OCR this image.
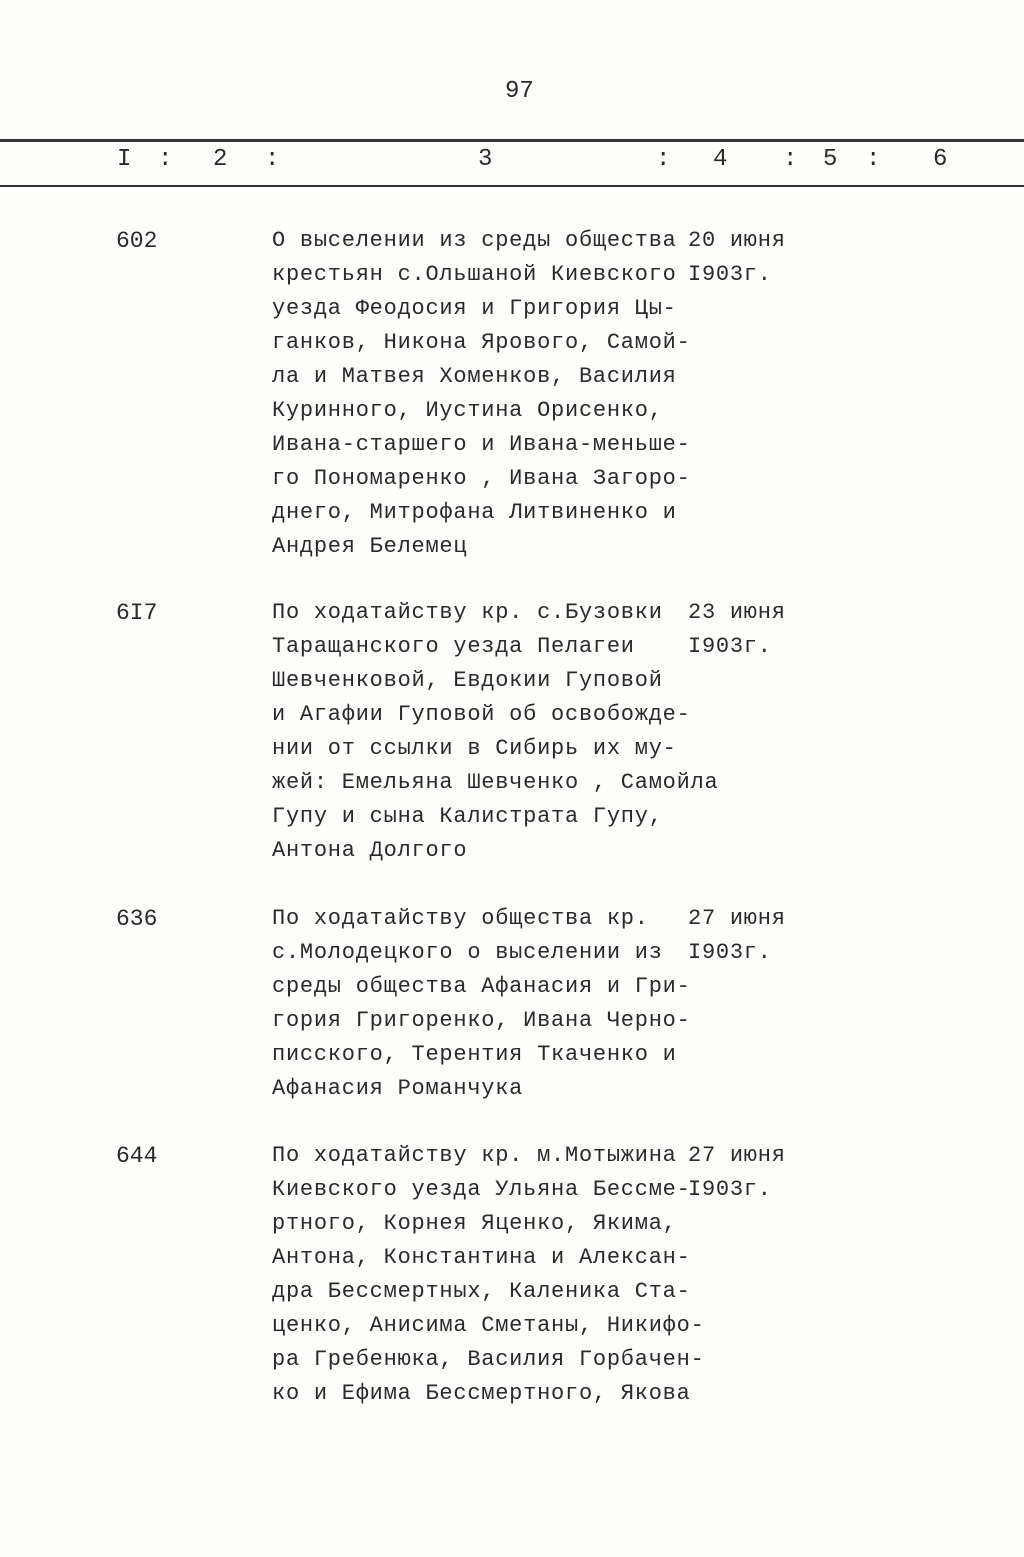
97
I : 2 :	3	: 4 : 5 : 6
602	О выселении из среды общества
крестьян с.Ольшаной Киевского
уезда Феодосия и Григория Цы-
ганков, Никона Ярового, Самой-
ла и Матвея Хоменков, Василия
Куринного, Иустина Орисенко,
Ивана-старшего и Ивана-меньше-
го Пономаренко , Ивана Загоро-
днего, Митрофана Литвиненко и
Андрея Белемец
20 июня
I903г.
6I7	По ходатайству кр. с.Бузовки
Таращанского уезда Пелагеи
Шевченковой, Евдокии Гуповой
и Агафии Гуповой об освобожде-
нии от ссылки в Сибирь их му-
жей: Емельяна Шевченко , Самойла
Гупу и сына Калистрата Гупу,
Антона Долгого
23 июня
I903г.
636	По ходатайству общества кр.
с.Молодецкого о выселении из
среды общества Афанасия и Гри-
гория Григоренко, Ивана Черно-
писского, Терентия Ткаченко и
Афанасия Романчука
27 июня
I903г.
644	По ходатайству кр. м.Мотыжина
Киевского уезда Ульяна Бессме-
ртного, Корнея Яценко, Якима,
Антона, Константина и Алексан-
дра Бессмертных, Каленика Ста-
ценко, Анисима Сметаны, Никифо-
ра Гребенюка, Василия Горбачен-
ко и Ефима Бессмертного, Якова
27 июня
I903г.
